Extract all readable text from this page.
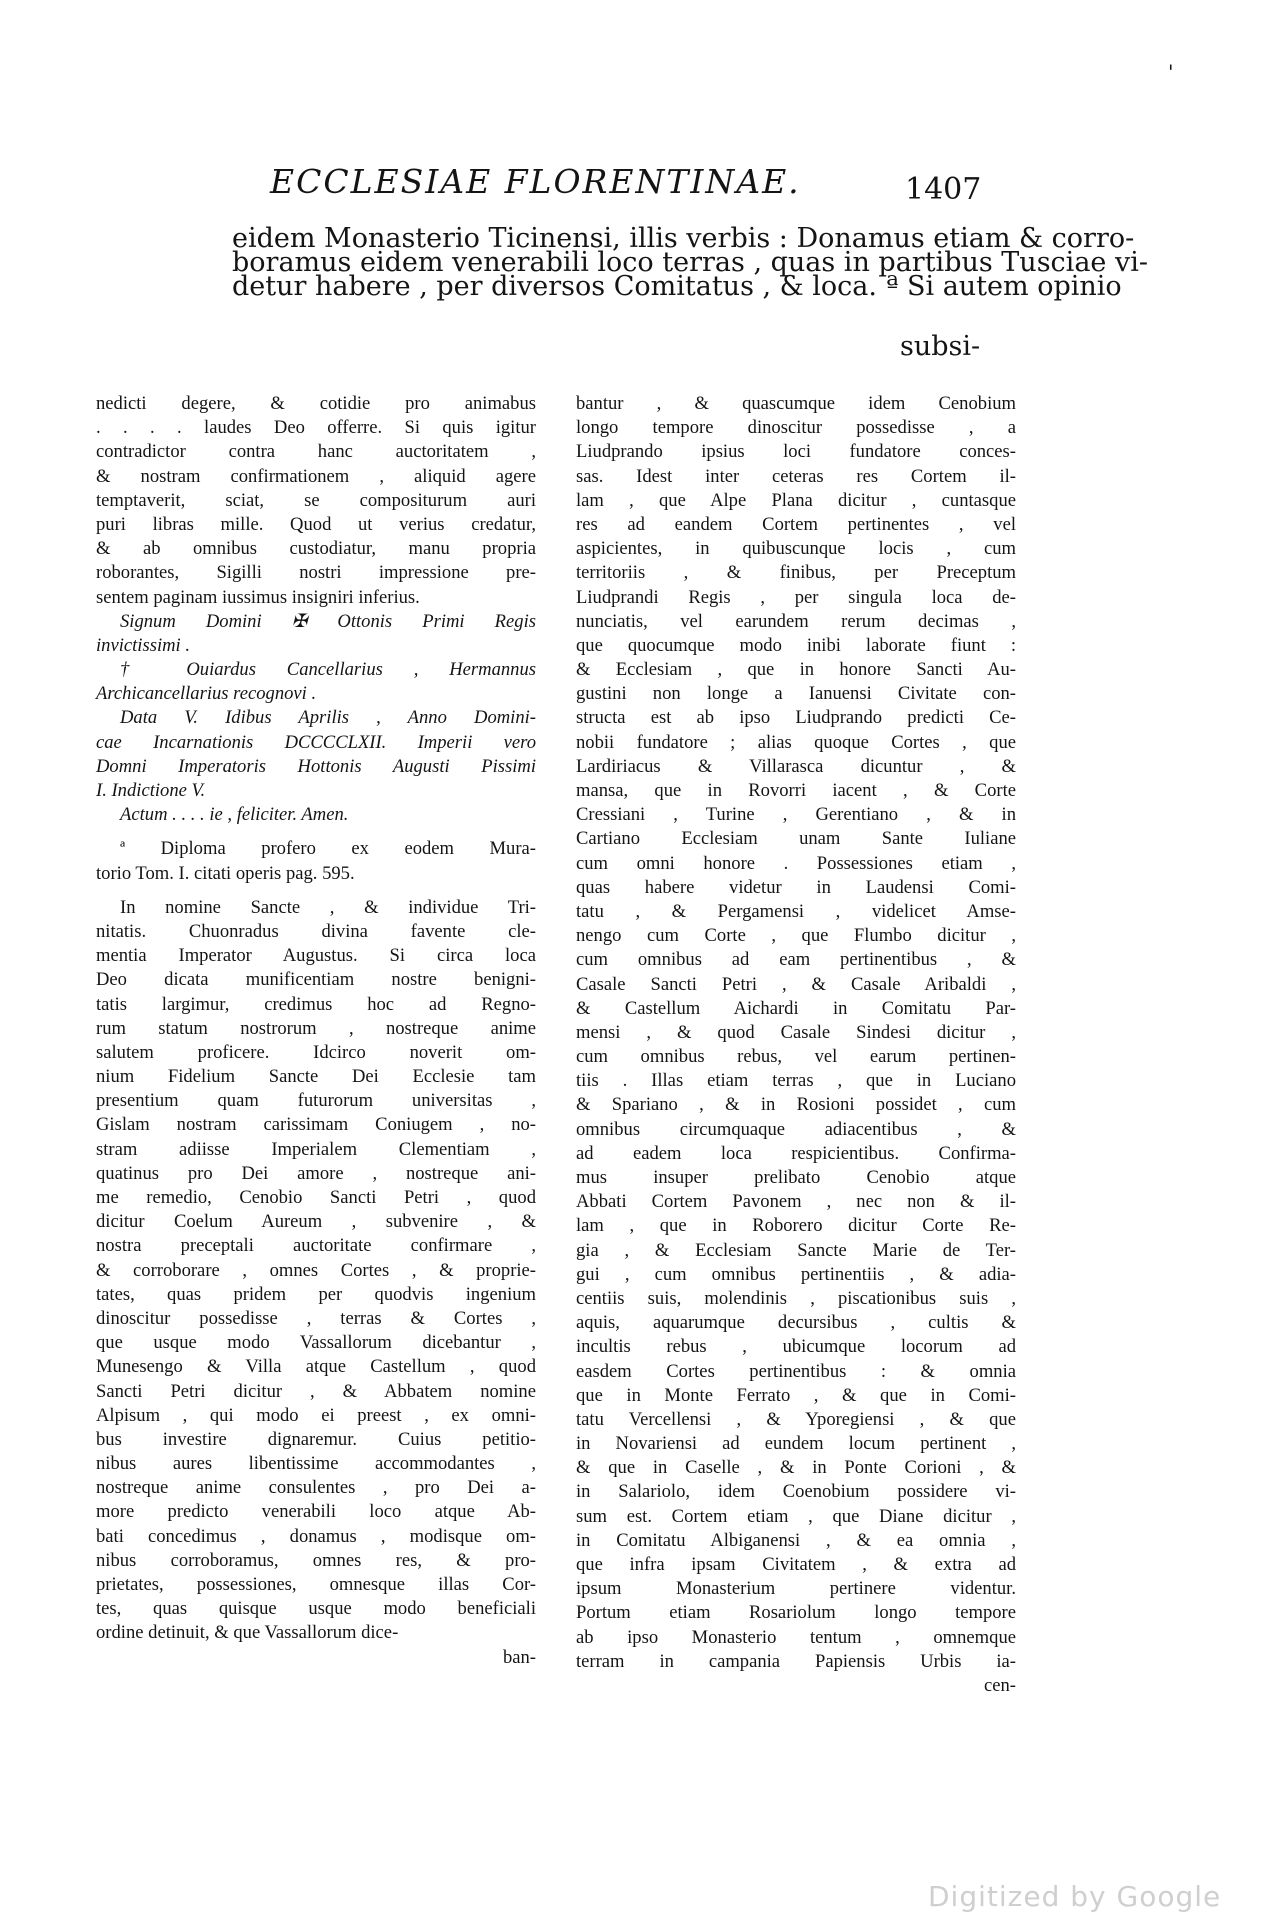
'
ECCLESIAE FLORENTINAE.	1407
eidem Monasterio Ticinensi, illis verbis : Donamus etiam & corro-
boramus eidem venerabili loco terras , quas in partibus Tusciae vi-
detur habere , per diversos Comitatus , & loca. ª Si autem opinio
subsi-
nedicti degere, & cotidie pro animabus
. . . . laudes Deo offerre. Si quis igitur
contradictor contra hanc auctoritatem ,
& nostram confirmationem , aliquid agere
temptaverit, sciat, se compositurum auri
puri libras mille. Quod ut verius credatur,
& ab omnibus custodiatur, manu propria
roborantes, Sigilli nostri impressione pre-
sentem paginam iussimus insigniri inferius.
Signum Domini ✠ Ottonis Primi Regis
invictissimi .
† Ouiardus Cancellarius , Hermannus
Archicancellarius recognovi .
Data V. Idibus Aprilis , Anno Domini-
cae Incarnationis DCCCCLXII. Imperii vero
Domni Imperatoris Hottonis Augusti Pissimi
I. Indictione V.
Actum . . . . ie , feliciter. Amen.
ª Diploma profero ex eodem Mura-
torio Tom. I. citati operis pag. 595.
In nomine Sancte , & individue Tri-
nitatis. Chuonradus divina favente cle-
mentia Imperator Augustus. Si circa loca
Deo dicata munificentiam nostre benigni-
tatis largimur, credimus hoc ad Regno-
rum statum nostrorum , nostreque anime
salutem proficere. Idcirco noverit om-
nium Fidelium Sancte Dei Ecclesie tam
presentium quam futurorum universitas ,
Gislam nostram carissimam Coniugem , no-
stram adiisse Imperialem Clementiam ,
quatinus pro Dei amore , nostreque ani-
me remedio, Cenobio Sancti Petri , quod
dicitur Coelum Aureum , subvenire , &
nostra preceptali auctoritate confirmare ,
& corroborare , omnes Cortes , & proprie-
tates, quas pridem per quodvis ingenium
dinoscitur possedisse , terras & Cortes ,
que usque modo Vassallorum dicebantur ,
Munesengo & Villa atque Castellum , quod
Sancti Petri dicitur , & Abbatem nomine
Alpisum , qui modo ei preest , ex omni-
bus investire dignaremur. Cuius petitio-
nibus aures libentissime accommodantes ,
nostreque anime consulentes , pro Dei a-
more predicto venerabili loco atque Ab-
bati concedimus , donamus , modisque om-
nibus corroboramus, omnes res, & pro-
prietates, possessiones, omnesque illas Cor-
tes, quas quisque usque modo beneficiali
ordine detinuit, & que Vassallorum dice-
ban-
bantur , & quascumque idem Cenobium
longo tempore dinoscitur possedisse , a
Liudprando ipsius loci fundatore conces-
sas. Idest inter ceteras res Cortem il-
lam , que Alpe Plana dicitur , cuntasque
res ad eandem Cortem pertinentes , vel
aspicientes, in quibuscunque locis , cum
territoriis , & finibus, per Preceptum
Liudprandi Regis , per singula loca de-
nunciatis, vel earundem rerum decimas ,
que quocumque modo inibi laborate fiunt :
& Ecclesiam , que in honore Sancti Au-
gustini non longe a Ianuensi Civitate con-
structa est ab ipso Liudprando predicti Ce-
nobii fundatore ; alias quoque Cortes , que
Lardiriacus & Villarasca dicuntur , &
mansa, que in Rovorri iacent , & Corte
Cressiani , Turine , Gerentiano , & in
Cartiano Ecclesiam unam Sante Iuliane
cum omni honore . Possessiones etiam ,
quas habere videtur in Laudensi Comi-
tatu , & Pergamensi , videlicet Amse-
nengo cum Corte , que Flumbo dicitur ,
cum omnibus ad eam pertinentibus , &
Casale Sancti Petri , & Casale Aribaldi ,
& Castellum Aichardi in Comitatu Par-
mensi , & quod Casale Sindesi dicitur ,
cum omnibus rebus, vel earum pertinen-
tiis . Illas etiam terras , que in Luciano
& Spariano , & in Rosioni possidet , cum
omnibus circumquaque adiacentibus , &
ad eadem loca respicientibus. Confirma-
mus insuper prelibato Cenobio atque
Abbati Cortem Pavonem , nec non & il-
lam , que in Roborero dicitur Corte Re-
gia , & Ecclesiam Sancte Marie de Ter-
gui , cum omnibus pertinentiis , & adia-
centiis suis, molendinis , piscationibus suis ,
aquis, aquarumque decursibus , cultis &
incultis rebus , ubicumque locorum ad
easdem Cortes pertinentibus : & omnia
que in Monte Ferrato , & que in Comi-
tatu Vercellensi , & Yporegiensi , & que
in Novariensi ad eundem locum pertinent ,
& que in Caselle , & in Ponte Corioni , &
in Salariolo, idem Coenobium possidere vi-
sum est. Cortem etiam , que Diane dicitur ,
in Comitatu Albiganensi , & ea omnia ,
que infra ipsam Civitatem , & extra ad
ipsum Monasterium pertinere videntur.
Portum etiam Rosariolum longo tempore
ab ipso Monasterio tentum , omnemque
terram in campania Papiensis Urbis ia-
cen-
Digitized by Google
